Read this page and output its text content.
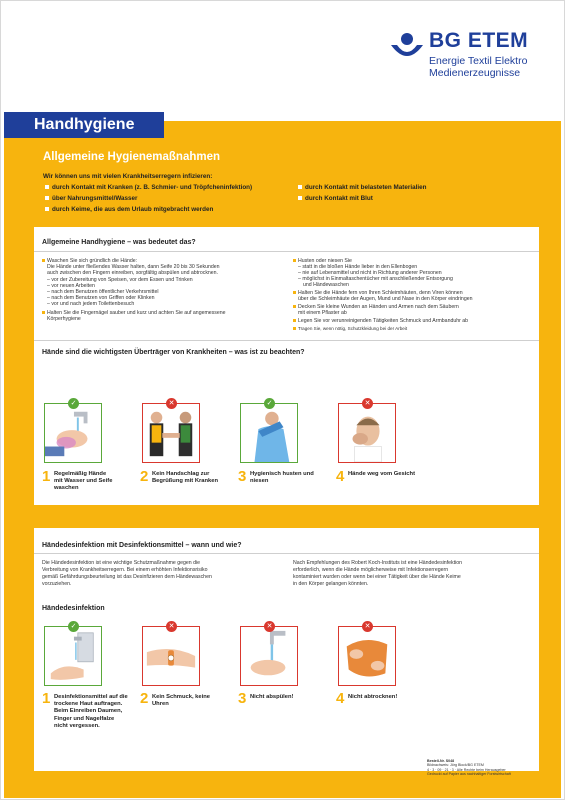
BG ETEM
Energie Textil Elektro
Medienerzeugnisse
Handhygiene
Allgemeine Hygienemaßnahmen
Wir können uns mit vielen Krankheitserregern infizieren:
durch Kontakt mit Kranken (z. B. Schmier- und Tröpfcheninfektion)
über Nahrungsmittel/Wasser
durch Keime, die aus dem Urlaub mitgebracht werden
durch Kontakt mit belasteten Materialien
durch Kontakt mit Blut
Allgemeine Handhygiene – was bedeutet das?
Waschen Sie sich gründlich die Hände:
Die Hände unter fließendes Wasser halten, dann Seife 20 bis 30 Sekunden
auch zwischen den Fingern einreiben, sorgfältig abspülen und abtrocknen.
– vor der Zubereitung von Speisen, vor dem Essen und Trinken
– vor neuen Arbeiten
– nach dem Benutzen öffentlicher Verkehrsmittel
– nach dem Benutzen von Griffen oder Klinken
– vor und nach jedem Toilettenbesuch
Halten Sie die Fingernägel sauber und kurz und achten Sie auf angemessene
Körperhygiene
Husten oder niesen Sie
– statt in die bloßen Hände lieber in den Ellenbogen
– nie auf Lebensmittel und nicht in Richtung anderer Personen
– möglichst in Einmaltaschentücher mit anschließender Entsorgung
und Händewaschen
Halten Sie die Hände fern von Ihren Schleimhäuten, denn Viren können
über die Schleimhäute der Augen, Mund und Nase in den Körper eindringen
Decken Sie kleine Wunden an Händen und Armen nach dem Säubern
mit einem Pflaster ab
Legen Sie vor verunreinigenden Tätigkeiten Schmuck und Armbanduhr ab
Tragen Sie, wenn nötig, Schutzkleidung bei der Arbeit
Hände sind die wichtigsten Überträger von Krankheiten – was ist zu beachten?
✓	✕	✓	✕
1 Regelmäßig Hände
mit Wasser und Seife
waschen
2 Kein Handschlag zur
Begrüßung mit Kranken 3 Hygienisch husten und
niesen	4 Hände weg vom Gesicht
Händedesinfektion mit Desinfektionsmittel – wann und wie?
Die Händedesinfektion ist eine wichtige Schutzmaßnahme gegen die
Verbreitung von Krankheitserregern. Bei einem erhöhten Infektionsrisiko
gemäß Gefährdungsbeurteilung ist das Desinfizieren dem Händewaschen
vorzuziehen.
Nach Empfehlungen des Robert Koch-Instituts ist eine Händedesinfektion
erforderlich, wenn die Hände möglicherweise mit Infektionserregern
kontaminiert wurden oder wenn bei einer Tätigkeit über die Hände Keime
in den Körper gelangen könnten.
Händedesinfektion
✓	✕	✕	✕
1 Desinfektionsmittel auf die
trockene Haut auftragen.
Beim Einreiben Daumen,
Finger und Nagelfalze
nicht vergessen.
2 Kein Schmuck, keine
Uhren	3 Nicht abspülen!	4 Nicht abtrocknen!
Bestell-Nr. S048
Bildnachweis: Jörg Block/BG ETEM
4 · 3 · 09 · 21 · 3 · Alle Rechte beim Herausgeber
Gedruckt auf Papier aus nachhaltiger Forstwirtschaft
